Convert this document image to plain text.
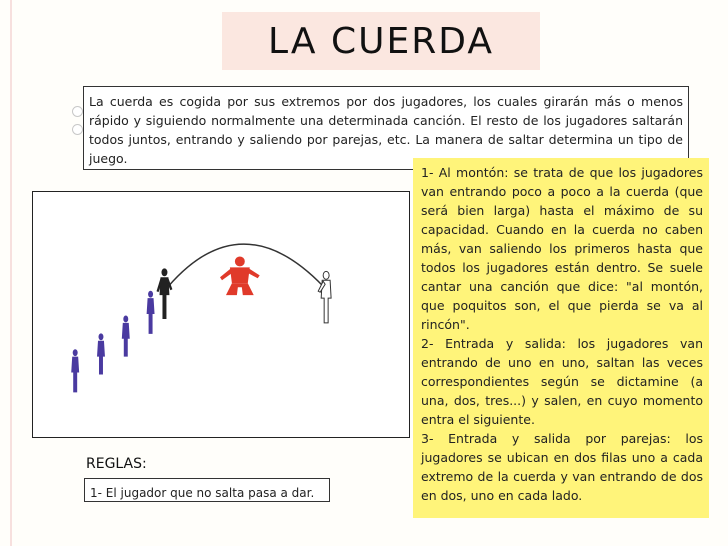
LA CUERDA

La cuerda es cogida por sus extremos por dos jugadores, los cuales girarán más o menos rápido y siguiendo normalmente una determinada canción. El resto de los jugadores saltarán todos juntos, entrando y saliendo por parejas, etc. La manera de saltar determina un tipo de juego.

REGLAS:
1- El jugador que no salta pasa a dar.

1- Al montón: se trata de que los jugadores van entrando poco a poco a la cuerda (que será bien larga) hasta el máximo de su capacidad. Cuando en la cuerda no caben más, van saliendo los primeros hasta que todos los jugadores están dentro. Se suele cantar una canción que dice: "al montón, que poquitos son, el que pierda se va al rincón".

2- Entrada y salida: los jugadores van entrando de uno en uno, saltan las veces correspondientes según se dictamine (a una, dos, tres...) y salen, en cuyo momento entra el siguiente.

3- Entrada y salida por parejas: los jugadores se ubican en dos filas uno a cada extremo de la cuerda y van entrando de dos en dos, uno en cada lado.
